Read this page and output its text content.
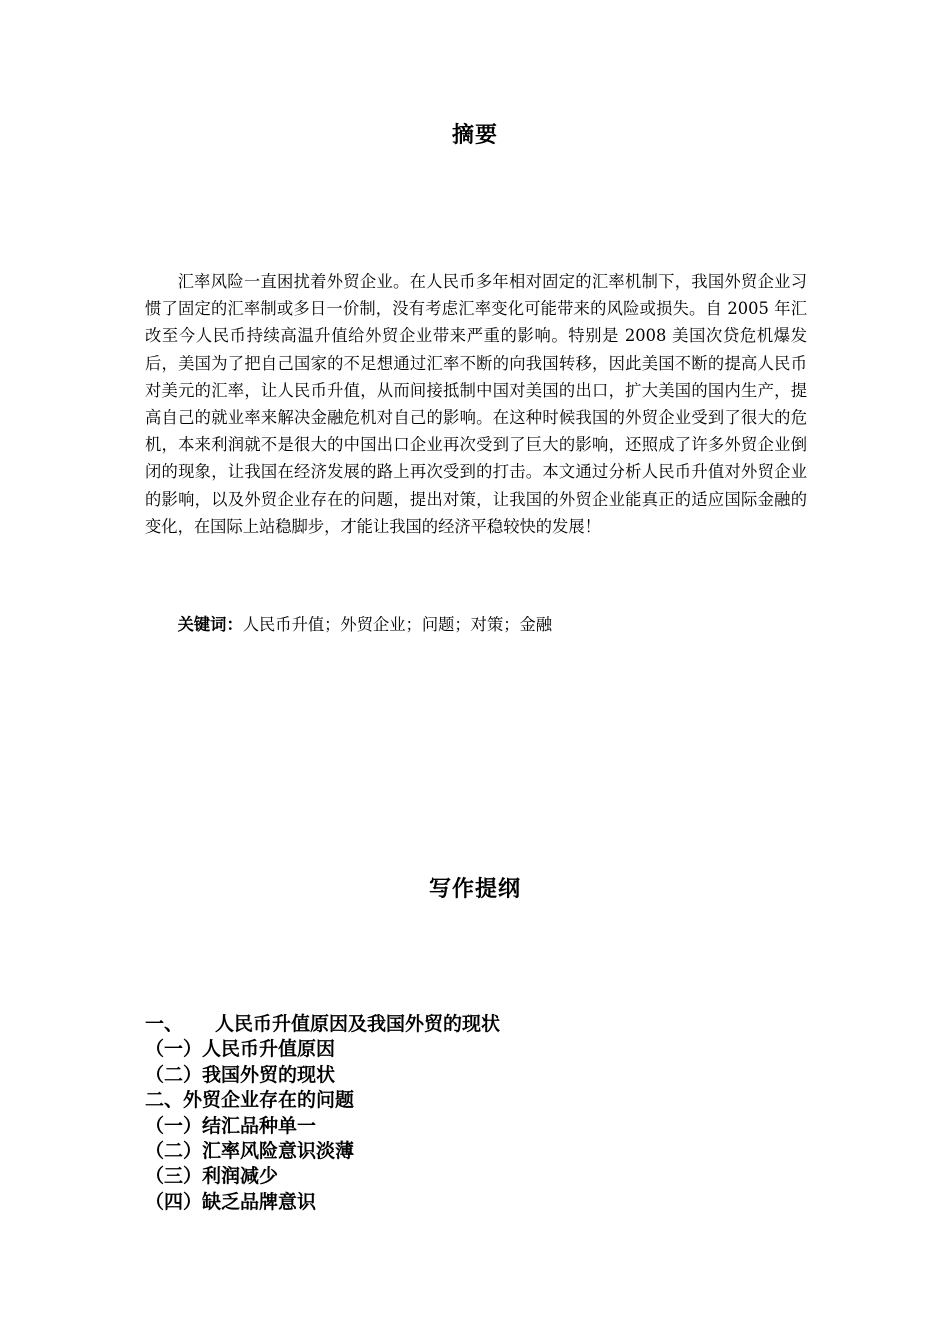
摘要

汇率风险一直困扰着外贸企业。在人民币多年相对固定的汇率机制下，我国外贸企业习惯了固定的汇率制或多日一价制，没有考虑汇率变化可能带来的风险或损失。自 2005 年汇改至今人民币持续高温升值给外贸企业带来严重的影响。特别是 2008 美国次贷危机爆发后，美国为了把自己国家的不足想通过汇率不断的向我国转移，因此美国不断的提高人民币对美元的汇率，让人民币升值，从而间接抵制中国对美国的出口，扩大美国的国内生产，提高自己的就业率来解决金融危机对自己的影响。在这种时候我国的外贸企业受到了很大的危机，本来利润就不是很大的中国出口企业再次受到了巨大的影响，还照成了许多外贸企业倒闭的现象，让我国在经济发展的路上再次受到的打击。本文通过分析人民币升值对外贸企业的影响，以及外贸企业存在的问题，提出对策，让我国的外贸企业能真正的适应国际金融的变化，在国际上站稳脚步，才能让我国的经济平稳较快的发展！

关键词：人民币升值；外贸企业；问题；对策；金融

写作提纲
一、 人民币升值原因及我国外贸的现状
（一）人民币升值原因
（二）我国外贸的现状
二、外贸企业存在的问题
（一）结汇品种单一
（二）汇率风险意识淡薄
（三）利润减少
（四）缺乏品牌意识
